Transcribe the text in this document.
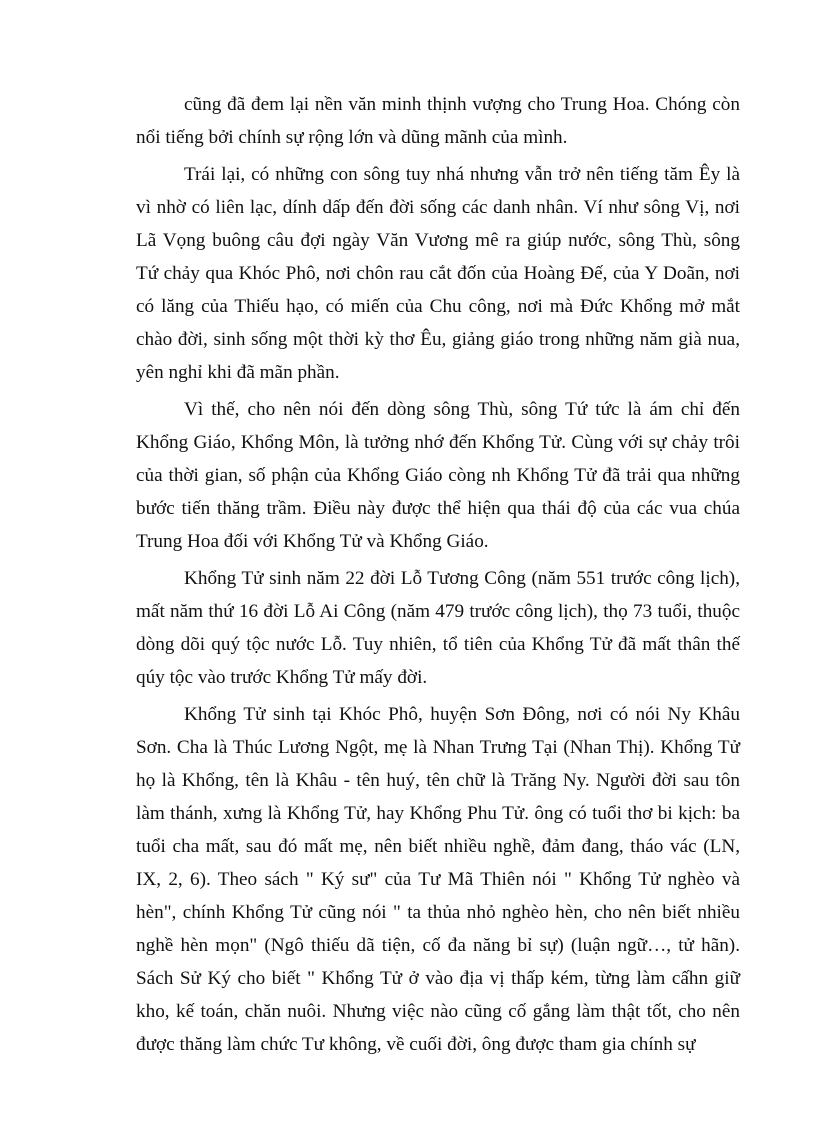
cũng đã đem lại nền văn minh thịnh vượng cho Trung Hoa. Chóng còn
nổi tiếng bởi chính sự rộng lớn và dũng mãnh của mình.
Trái lại, có những con sông tuy nhá nhưng vẫn trở nên tiếng tăm Êy là
vì nhờ có liên lạc, dính dấp đến đời sống các danh nhân. Ví như sông Vị, nơi
Lã Vọng buông câu đợi ngày Văn Vương mê ra giúp nước, sông Thù, sông
Tứ chảy qua Khóc Phô, nơi chôn rau cắt đốn của Hoàng Đế, của Y Doãn, nơi
có lăng của Thiếu hạo, có miến của Chu công, nơi mà Đức Khổng mở mắt
chào đời, sinh sống một thời kỳ thơ Êu, giảng giáo trong những năm già nua,
yên nghỉ khi đã mãn phần.
Vì thế, cho nên nói đến dòng sông Thù, sông Tứ tức là ám chỉ đến
Khổng Giáo, Khổng Môn, là tưởng nhớ đến Khổng Tử. Cùng với sự chảy trôi
của thời gian, số phận của Khổng Giáo còng nh Khổng Tử đã trải qua những
bước tiến thăng trầm. Điều này được thể hiện qua thái độ của các vua chúa
Trung Hoa đối với Khổng Tử và Khổng Giáo.
Khổng Tử sinh năm 22 đời Lỗ Tương Công (năm 551 trước công lịch),
mất năm thứ 16 đời Lỗ Ai Công (năm 479 trước công lịch), thọ 73 tuổi, thuộc
dòng dõi quý tộc nước Lỗ. Tuy nhiên, tổ tiên của Khổng Tử đã mất thân thế
qúy tộc vào trước Khổng Tử mấy đời.
Khổng Tử sinh tại Khóc Phô, huyện Sơn Đông, nơi có nói Ny Khâu
Sơn. Cha là Thúc Lương Ngột, mẹ là Nhan Trưng Tại (Nhan Thị). Khổng Tử
họ là Khổng, tên là Khâu - tên huý, tên chữ là Trăng Ny. Người đời sau tôn
làm thánh, xưng là Khổng Tử, hay Khổng Phu Tử. ông có tuổi thơ bi kịch: ba
tuổi cha mất, sau đó mất mẹ, nên biết nhiều nghề, đảm đang, tháo vác (LN,
IX, 2, 6). Theo sách " Ký sư" của Tư Mã Thiên nói " Khổng Tử nghèo và
hèn", chính Khổng Tử cũng nói " ta thủa nhỏ nghèo hèn, cho nên biết nhiều
nghề hèn mọn" (Ngô thiếu dã tiện, cố đa năng bỉ sự) (luận ngữ…, tử hãn).
Sách Sử Ký cho biết " Khổng Tử ở vào địa vị thấp kém, từng làm cấhn giữ
kho, kế toán, chăn nuôi. Nhưng việc nào cũng cố gắng làm thật tốt, cho nên
được thăng làm chức Tư không, về cuối đời, ông được tham gia chính sự
